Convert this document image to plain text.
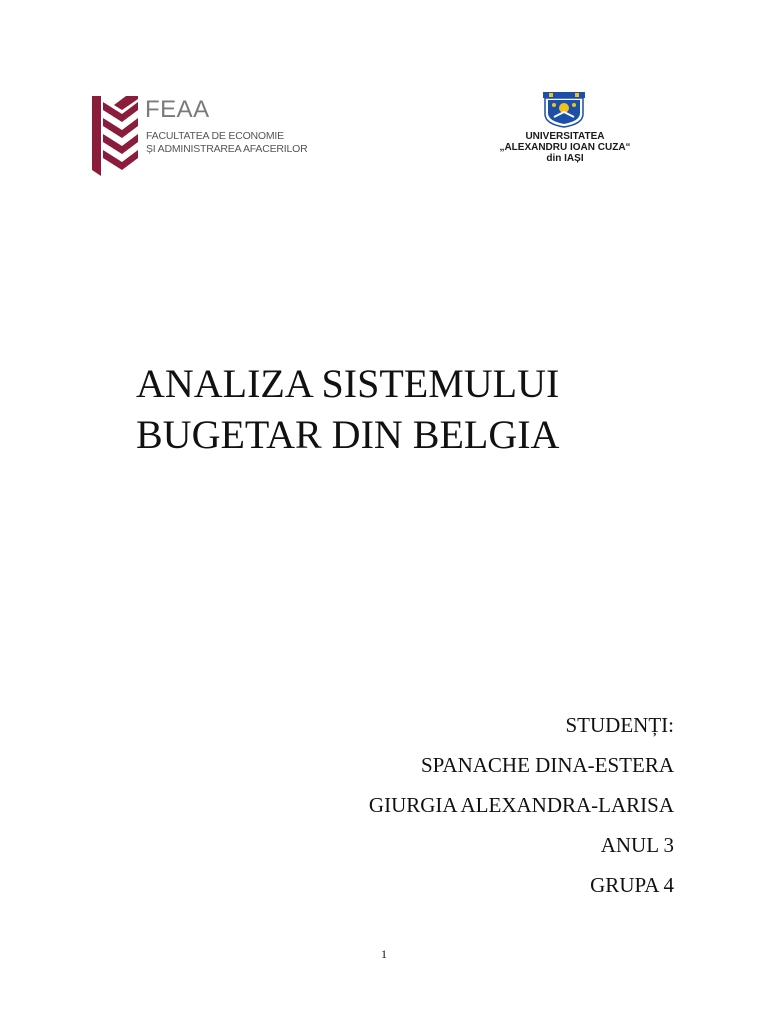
FEAA
FACULTATEA DE ECONOMIE
ȘI ADMINISTRAREA AFACERILOR
UNIVERSITATEA
„ALEXANDRU IOAN CUZA“
din IAȘI
ANALIZA SISTEMULUI
BUGETAR DIN BELGIA
STUDENȚI:
SPANACHE DINA-ESTERA
GIURGIA ALEXANDRA-LARISA
ANUL 3
GRUPA 4
1
